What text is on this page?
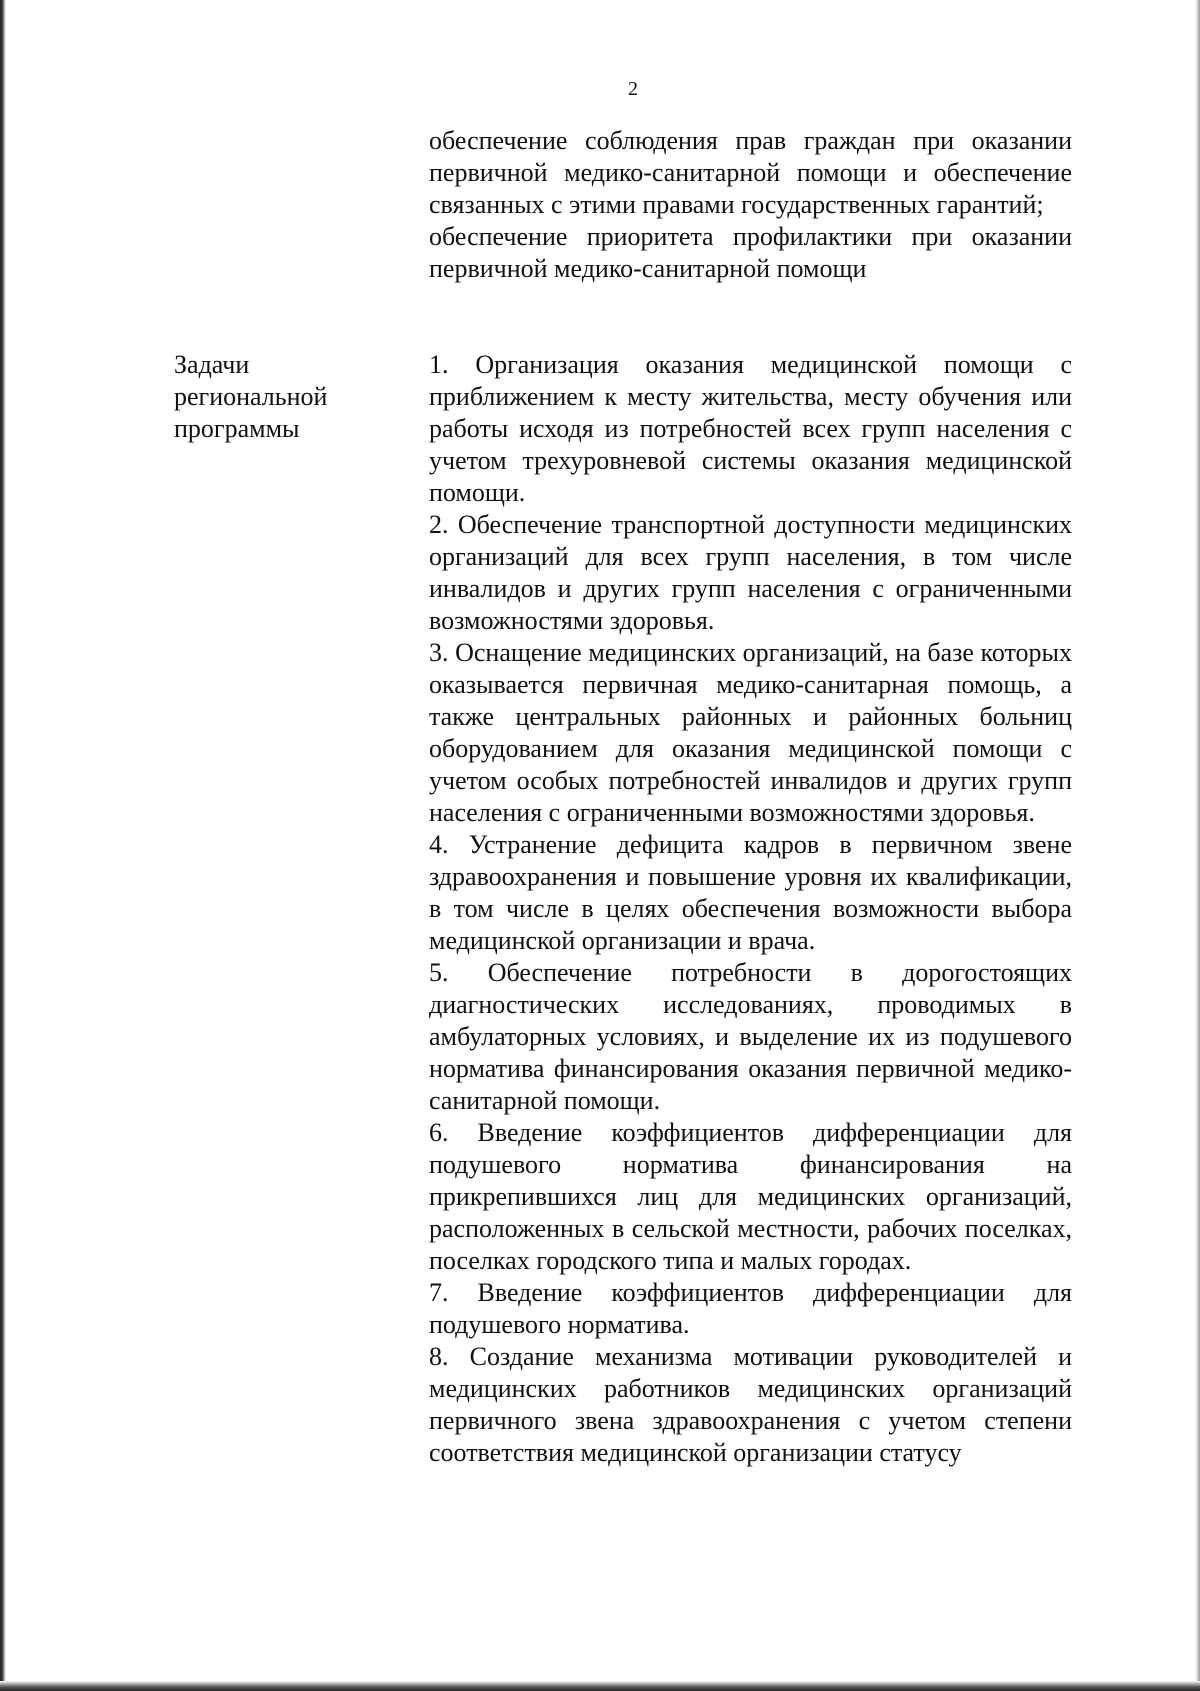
2

обеспечение соблюдения прав граждан при оказании первичной медико-санитарной помощи и обеспечение связанных с этими правами государственных гарантий;

обеспечение приоритета профилактики при оказании первичной медико-санитарной помощи

Задачи
региональной
программы

1. Организация оказания медицинской помощи с приближением к месту жительства, месту обучения или работы исходя из потребностей всех групп населения с учетом трехуровневой системы оказания медицинской помощи.

2. Обеспечение транспортной доступности медицинских организаций для всех групп населения, в том числе инвалидов и других групп населения с ограниченными возможностями здоровья.

3. Оснащение медицинских организаций, на базе которых оказывается первичная медико-санитарная помощь, а также центральных районных и районных больниц оборудованием для оказания медицинской помощи с учетом особых потребностей инвалидов и других групп населения с ограниченными возможностями здоровья.

4. Устранение дефицита кадров в первичном звене здравоохранения и повышение уровня их квалификации, в том числе в целях обеспечения возможности выбора медицинской организации и врача.

5. Обеспечение потребности в дорогостоящих диагностических исследованиях, проводимых в амбулаторных условиях, и выделение их из подушевого норматива финансирования оказания первичной медико-санитарной помощи.

6. Введение коэффициентов дифференциации для подушевого норматива финансирования на прикрепившихся лиц для медицинских организаций, расположенных в сельской местности, рабочих поселках, поселках городского типа и малых городах.

7. Введение коэффициентов дифференциации для подушевого норматива.

8. Создание механизма мотивации руководителей и медицинских работников медицинских организаций первичного звена здравоохранения с учетом степени соответствия медицинской организации статусу
